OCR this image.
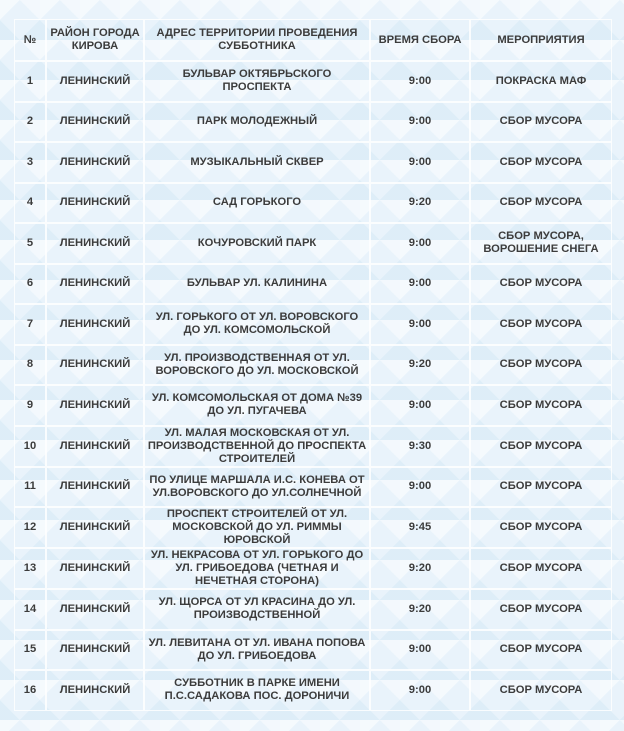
№	РАЙОН ГОРОДА КИРОВА	АДРЕС ТЕРРИТОРИИ ПРОВЕДЕНИЯ СУББОТНИКА	ВРЕМЯ СБОРА	МЕРОПРИЯТИЯ
1	ЛЕНИНСКИЙ	БУЛЬВАР ОКТЯБРЬСКОГО ПРОСПЕКТА	9:00	ПОКРАСКА МАФ
2	ЛЕНИНСКИЙ	ПАРК МОЛОДЕЖНЫЙ	9:00	СБОР МУСОРА
3	ЛЕНИНСКИЙ	МУЗЫКАЛЬНЫЙ СКВЕР	9:00	СБОР МУСОРА
4	ЛЕНИНСКИЙ	САД ГОРЬКОГО	9:20	СБОР МУСОРА
5	ЛЕНИНСКИЙ	КОЧУРОВСКИЙ ПАРК	9:00	СБОР МУСОРА, ВОРОШЕНИЕ СНЕГА
6	ЛЕНИНСКИЙ	БУЛЬВАР УЛ. КАЛИНИНА	9:00	СБОР МУСОРА
7	ЛЕНИНСКИЙ	УЛ. ГОРЬКОГО ОТ УЛ. ВОРОВСКОГО ДО УЛ. КОМСОМОЛЬСКОЙ	9:00	СБОР МУСОРА
8	ЛЕНИНСКИЙ	УЛ. ПРОИЗВОДСТВЕННАЯ ОТ УЛ. ВОРОВСКОГО ДО УЛ. МОСКОВСКОЙ	9:20	СБОР МУСОРА
9	ЛЕНИНСКИЙ	УЛ. КОМСОМОЛЬСКАЯ ОТ ДОМА №39 ДО УЛ. ПУГАЧЕВА	9:00	СБОР МУСОРА
10	ЛЕНИНСКИЙ	УЛ. МАЛАЯ МОСКОВСКАЯ ОТ УЛ. ПРОИЗВОДСТВЕННОЙ ДО ПРОСПЕКТА СТРОИТЕЛЕЙ	9:30	СБОР МУСОРА
11	ЛЕНИНСКИЙ	ПО УЛИЦЕ МАРШАЛА И.С. КОНЕВА ОТ УЛ.ВОРОВСКОГО ДО УЛ.СОЛНЕЧНОЙ	9:00	СБОР МУСОРА
12	ЛЕНИНСКИЙ	ПРОСПЕКТ СТРОИТЕЛЕЙ ОТ УЛ. МОСКОВСКОЙ ДО УЛ. РИММЫ ЮРОВСКОЙ	9:45	СБОР МУСОРА
13	ЛЕНИНСКИЙ	УЛ. НЕКРАСОВА ОТ УЛ. ГОРЬКОГО ДО УЛ. ГРИБОЕДОВА (ЧЕТНАЯ И НЕЧЕТНАЯ СТОРОНА)	9:20	СБОР МУСОРА
14	ЛЕНИНСКИЙ	УЛ. ЩОРСА ОТ УЛ КРАСИНА ДО УЛ. ПРОИЗВОДСТВЕННОЙ	9:20	СБОР МУСОРА
15	ЛЕНИНСКИЙ	УЛ. ЛЕВИТАНА ОТ УЛ. ИВАНА ПОПОВА ДО УЛ. ГРИБОЕДОВА	9:00	СБОР МУСОРА
16	ЛЕНИНСКИЙ	СУББОТНИК В ПАРКЕ ИМЕНИ П.С.САДАКОВА ПОС. ДОРОНИЧИ	9:00	СБОР МУСОРА
